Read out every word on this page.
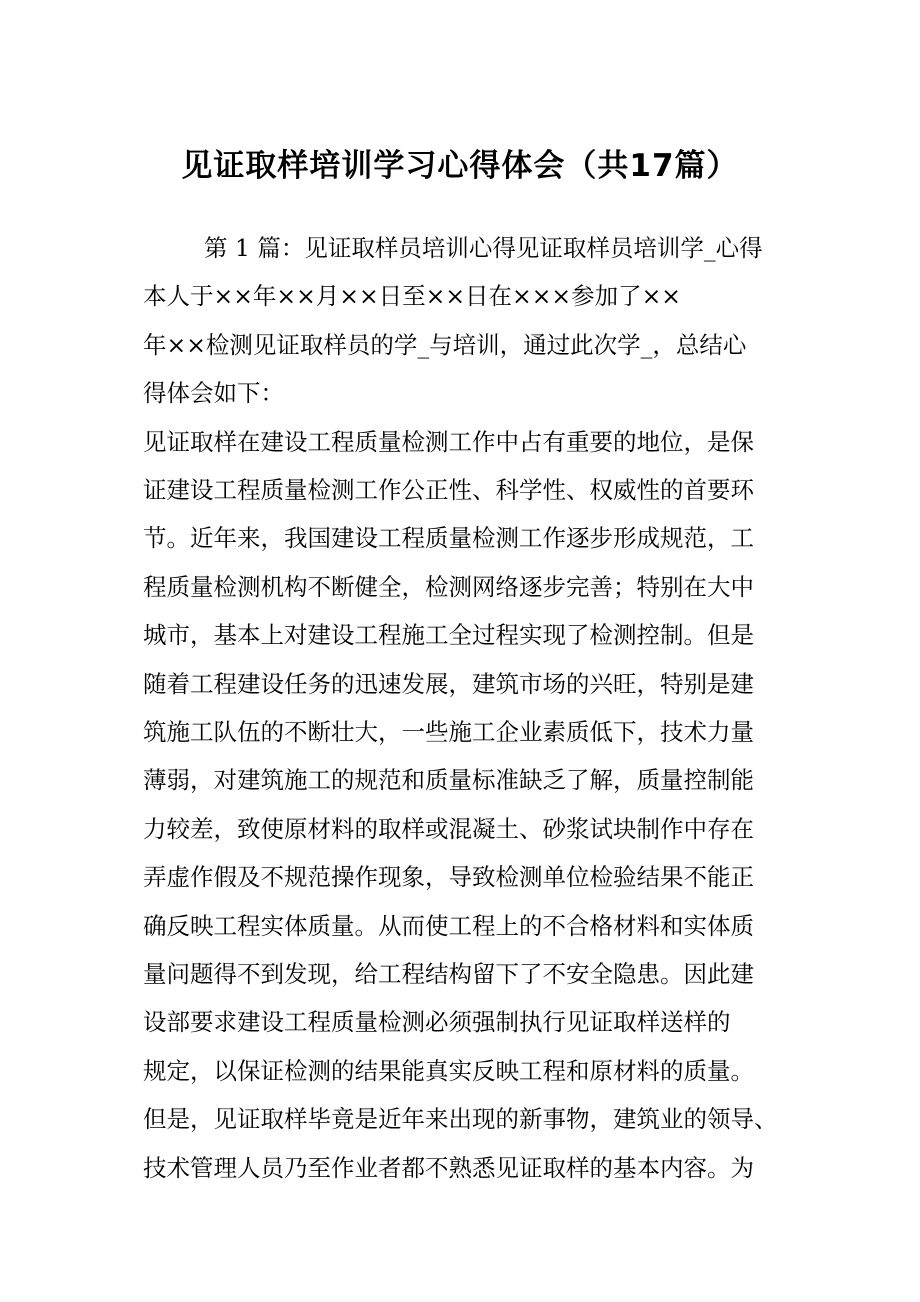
见证取样培训学习心得体会（共17篇）
第 1 篇：见证取样员培训心得见证取样员培训学_心得
本人于××年××月××日至××日在×××参加了××
年××检测见证取样员的学_与培训，通过此次学_，总结心
得体会如下：
见证取样在建设工程质量检测工作中占有重要的地位，是保
证建设工程质量检测工作公正性、科学性、权威性的首要环
节。近年来，我国建设工程质量检测工作逐步形成规范，工
程质量检测机构不断健全，检测网络逐步完善；特别在大中
城市，基本上对建设工程施工全过程实现了检测控制。但是
随着工程建设任务的迅速发展，建筑市场的兴旺，特别是建
筑施工队伍的不断壮大，一些施工企业素质低下，技术力量
薄弱，对建筑施工的规范和质量标准缺乏了解，质量控制能
力较差，致使原材料的取样或混凝土、砂浆试块制作中存在
弄虚作假及不规范操作现象，导致检测单位检验结果不能正
确反映工程实体质量。从而使工程上的不合格材料和实体质
量问题得不到发现，给工程结构留下了不安全隐患。因此建
设部要求建设工程质量检测必须强制执行见证取样送样的
规定，以保证检测的结果能真实反映工程和原材料的质量。
但是，见证取样毕竟是近年来出现的新事物，建筑业的领导、
技术管理人员乃至作业者都不熟悉见证取样的基本内容。为
